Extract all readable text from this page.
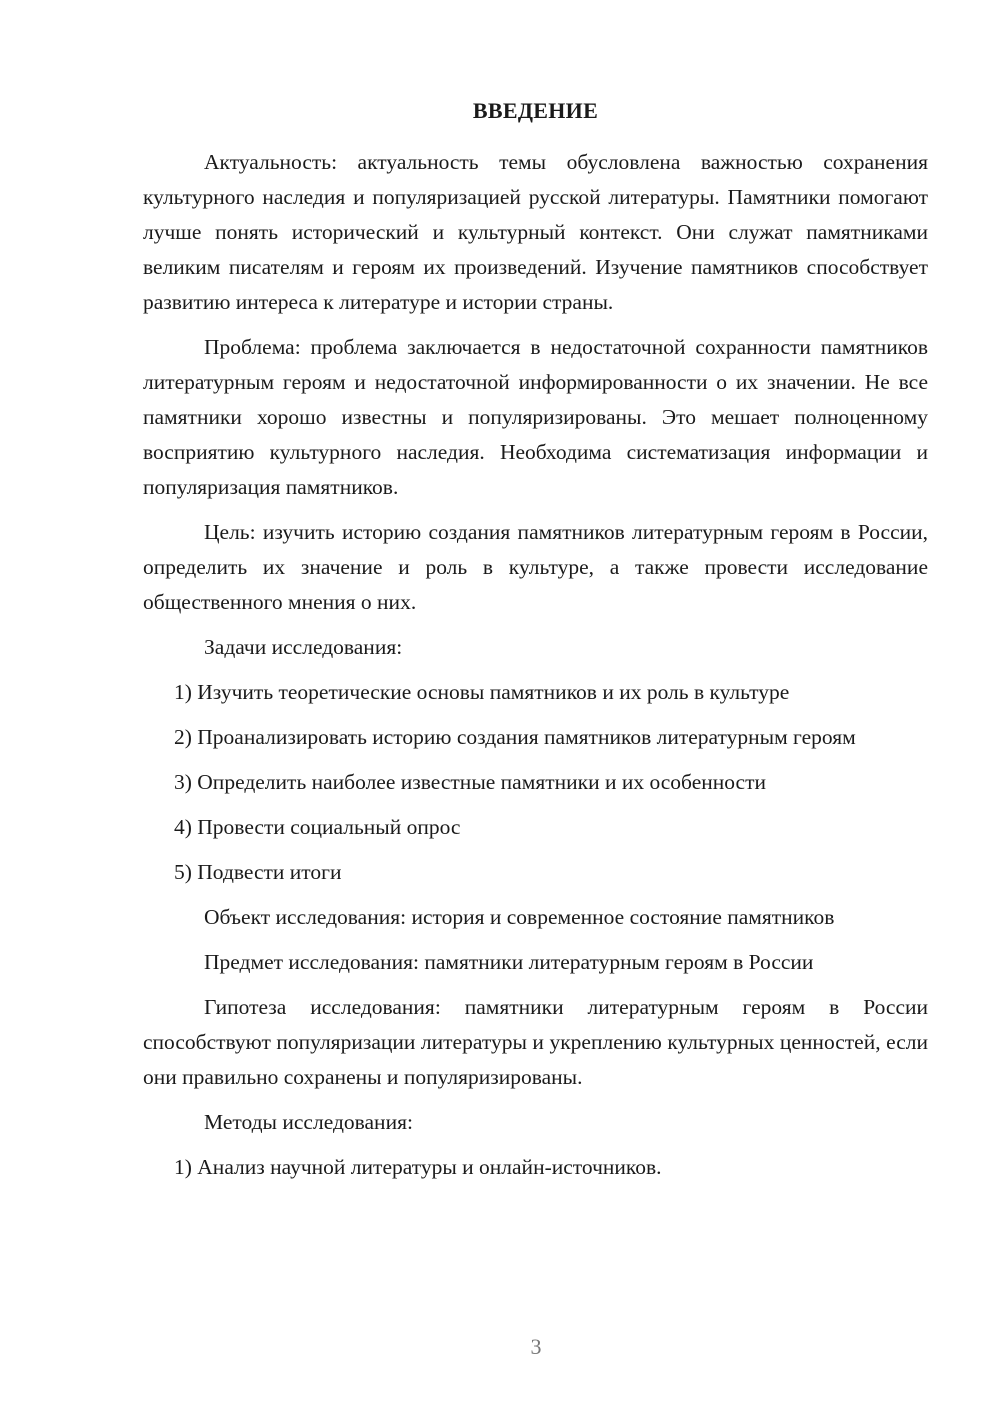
ВВЕДЕНИЕ

Актуальность: актуальность темы обусловлена важностью сохранения культурного наследия и популяризацией русской литературы. Памятники помогают лучше понять исторический и культурный контекст. Они служат памятниками великим писателям и героям их произведений. Изучение памятников способствует развитию интереса к литературе и истории страны.

Проблема: проблема заключается в недостаточной сохранности памятников литературным героям и недостаточной информированности о их значении. Не все памятники хорошо известны и популяризированы. Это мешает полноценному восприятию культурного наследия. Необходима систематизация информации и популяризация памятников.

Цель: изучить историю создания памятников литературным героям в России, определить их значение и роль в культуре, а также провести исследование общественного мнения о них.

Задачи исследования:

1) Изучить теоретические основы памятников и их роль в культуре

2) Проанализировать историю создания памятников литературным героям

3) Определить наиболее известные памятники и их особенности

4) Провести социальный опрос

5) Подвести итоги

Объект исследования: история и современное состояние памятников

Предмет исследования: памятники литературным героям в России

Гипотеза исследования: памятники литературным героям в России способствуют популяризации литературы и укреплению культурных ценностей, если они правильно сохранены и популяризированы.

Методы исследования:

1) Анализ научной литературы и онлайн-источников.

3
